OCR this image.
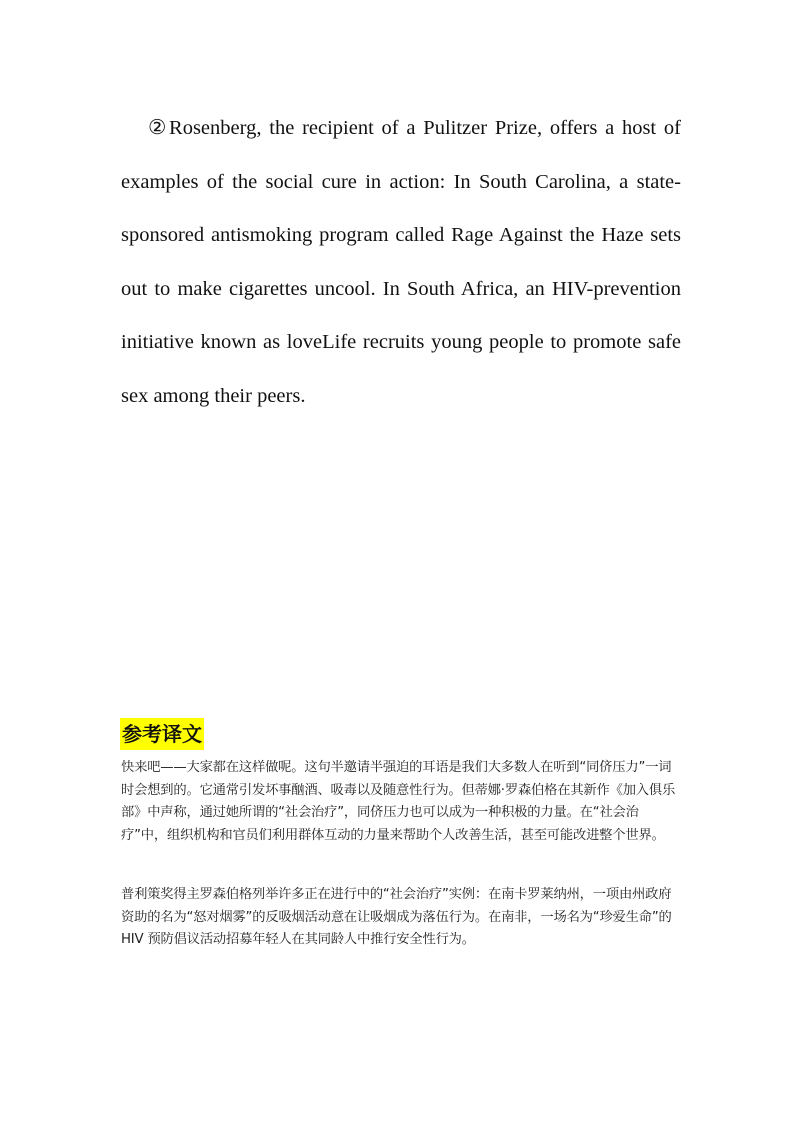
②Rosenberg, the recipient of a Pulitzer Prize, offers a host of examples of the social cure in action: In South Carolina, a state-sponsored antismoking program called Rage Against the Haze sets out to make cigarettes uncool. In South Africa, an HIV-prevention initiative known as loveLife recruits young people to promote safe sex among their peers.

参考译文

快来吧——大家都在这样做呢。这句半邀请半强迫的耳语是我们大多数人在听到“同侪压力”一词时会想到的。它通常引发坏事酗酒、吸毒以及随意性行为。但蒂娜·罗森伯格在其新作《加入俱乐部》中声称，通过她所谓的“社会治疗”，同侪压力也可以成为一种积极的力量。在“社会治疗”中，组织机构和官员们利用群体互动的力量来帮助个人改善生活，甚至可能改进整个世界。

普利策奖得主罗森伯格列举许多正在进行中的“社会治疗”实例：在南卡罗莱纳州，一项由州政府资助的名为“怒对烟雾”的反吸烟活动意在让吸烟成为落伍行为。在南非，一场名为“珍爱生命”的 HIV 预防倡议活动招募年轻人在其同龄人中推行安全性行为。
